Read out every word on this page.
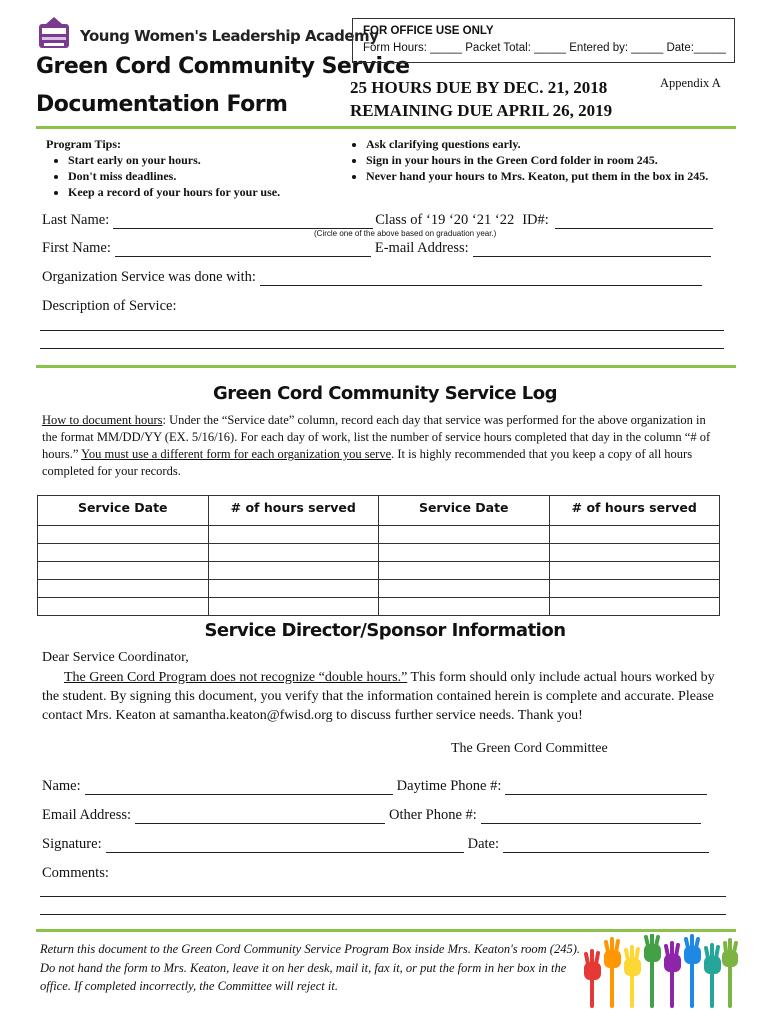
Young Women's Leadership Academy
Green Cord Community Service
Documentation Form
FOR OFFICE USE ONLY
Form Hours: _____ Packet Total: _____ Entered by: _____ Date:_____
25 HOURS DUE BY DEC. 21, 2018
REMAINING DUE APRIL 26, 2019
Appendix A
Program Tips:
• Start early on your hours.
• Don't miss deadlines.
• Keep a record of your hours for your use.
• Ask clarifying questions early.
• Sign in your hours in the Green Cord folder in room 245.
• Never hand your hours to Mrs. Keaton, put them in the box in 245.
Last Name:	Class of ‘19 ‘20 ‘21 ‘22 ID#:
(Circle one of the above based on graduation year.)
First Name:	E-mail Address:
Organization Service was done with:
Description of Service:
Green Cord Community Service Log
How to document hours: Under the “Service date” column, record each day that service was performed for the above organization in the format MM/DD/YY (EX. 5/16/16). For each day of work, list the number of service hours completed that day in the column “# of hours.” You must use a different form for each organization you serve. It is highly recommended that you keep a copy of all hours completed for your records.
Service Date	# of hours served	Service Date	# of hours served

Service Director/Sponsor Information
Dear Service Coordinator,
The Green Cord Program does not recognize “double hours.” This form should only include actual hours worked by the student. By signing this document, you verify that the information contained herein is complete and accurate. Please contact Mrs. Keaton at samantha.keaton@fwisd.org to discuss further service needs. Thank you!
The Green Cord Committee
Name:	Daytime Phone #:
Email Address:	Other Phone #:
Signature:	Date:
Comments:
Return this document to the Green Cord Community Service Program Box inside Mrs. Keaton's room (245). Do not hand the form to Mrs. Keaton, leave it on her desk, mail it, fax it, or put the form in her box in the office. If completed incorrectly, the Committee will reject it.
